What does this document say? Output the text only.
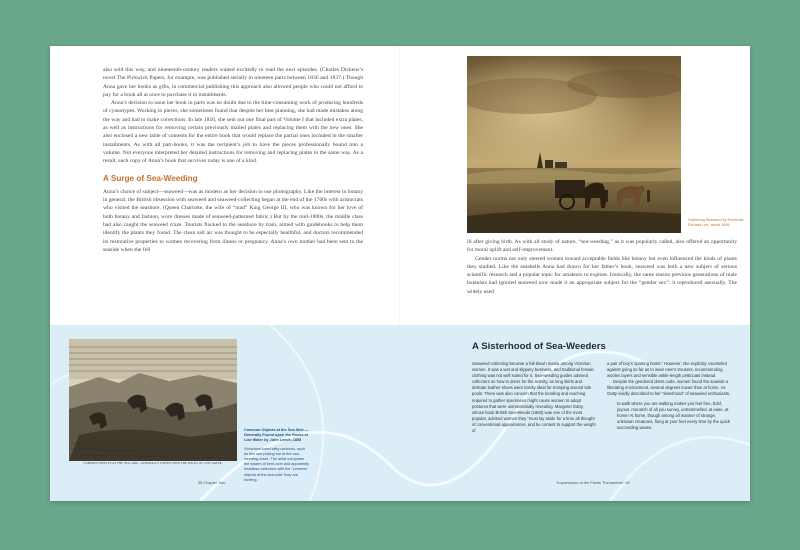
also sold this way, and nineteenth-century readers waited excitedly to read the next episodes. (Charles Dickens’s novel The Pickwick Papers, for example, was published serially in nineteen parts between 1836 and 1837.) Though Anna gave her books as gifts, in commercial publishing this approach also allowed people who could not afford to pay for a book all at once to purchase it in installments.

Anna’s decision to issue her book in parts was no doubt due to the time-consuming work of producing hundreds of cyanotypes. Working in pieces, she sometimes found that despite her best planning, she had made mistakes along the way and had to make corrections. In late 1850, she sent out one final part of Volume I that included extra plates, as well as instructions for removing certain previously mailed plates and replacing them with the new ones. She also enclosed a new table of contents for the entire book that would replace the partial ones included in the smaller installments. As with all part-books, it was the recipient’s job to have the pieces professionally bound into a volume. Not everyone interpreted her detailed instructions for removing and replacing plates in the same way. As a result, each copy of Anna’s book that survives today is one of a kind.

A Surge of Sea-Weeding

Anna’s choice of subject—seaweed—was as modern as her decision to use photography. Like the interest in botany in general, the British obsession with seaweed and seaweed-collecting began at the end of the 1700s with aristocrats who visited the seashore. (Queen Charlotte, the wife of “mad” King George III, who was known for her love of both botany and fashion, wore dresses made of seaweed-patterned fabric.) But by the mid-1800s, the middle class had also caught the seaweed craze. Tourists flocked to the seashore by train, armed with guidebooks to help them identify the plants they found. The clean salt air was thought to be especially healthful, and doctors recommended its restorative properties to women recovering from illness or pregnancy. Anna’s own mother had been sent to the seaside when she fell

Gathering Seaweed by Frederick Richard Lee, about 1836

ill after giving birth. As with all study of nature, “sea-weeding,” as it was popularly called, also offered an opportunity for moral uplift and self-improvement.

Gender norms not only steered women toward acceptable fields like botany but even influenced the kinds of plants they studied. Like the seashells Anna had drawn for her father’s book, seaweed was both a new subject of serious scientific research and a popular topic for amateurs to explore. Ironically, the same reason previous generations of male botanists had ignored seaweed now made it an appropriate subject for the “gentler sex”: it reproduced asexually. The widely used

COMMON OBJECTS AT THE SEA-SIDE—GENERALLY FOUND UPON THE ROCKS AT LOW WATER.

Common Objects at the Sea-Side —Generally Found upon the Rocks at Low Water by John Leech, 1858

Victorians loved witty cartoons, such as this one poking fun at the sea-weeding craze. The artist compares the swarm of bent-over and apparently headless collectors with the “common objects at the sea-side” they are hunting.

58 Chapter Two	“Impressions of the Plants Themselves” 59
A Sisterhood of Sea-Weeders

Seaweed-collecting became a full-blown mania among Victorian women. It was a wet and slippery business, and traditional female clothing was not well suited for it. Sea-weeding guides advised collectors on how to dress for the activity, as long skirts and delicate leather shoes were hardly ideal for tromping around tide pools. There was also concern that the bending and reaching required to gather specimens might cause women to adopt postures that were unintentionally revealing. Margaret Gatty, whose book British Sea-Weeds (1863) was one of the most popular, advised women they “must lay aside for a time all thought of conventional appearances, and be content to support the weight of

a pair of boy’s sporting boots.” However, she explicitly counseled against going so far as to wear men’s trousers, recommending woolen layers and sensible ankle-length petticoats instead.

Despite the gendered dress code, women found the seaside a liberating environment, several degrees looser than at home. As Gatty vividly described to her “sisterhood” of seaweed enthusiasts,

to walk where you are walking makes you feel free, bold, joyous, monarch of all you survey, untrammelled, at ease, at home! At home, though among all manner of strange, unknown creatures, flung at your feet every time by the quick succeeding waves.
